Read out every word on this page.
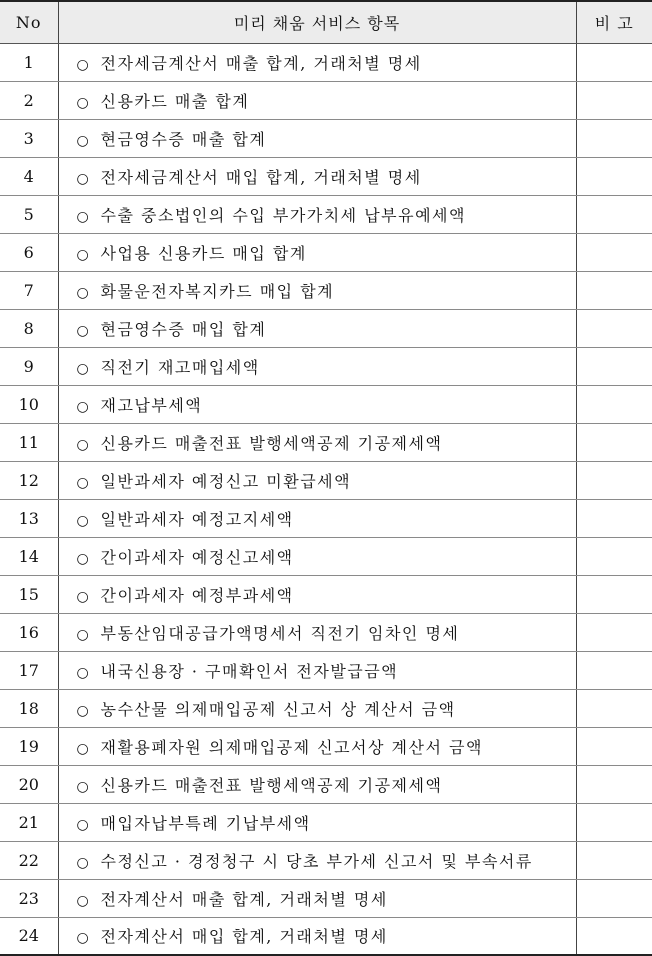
No	미리 채움 서비스 항목	비 고
1	○ 전자세금계산서 매출 합계, 거래처별 명세	
2	○ 신용카드 매출 합계	
3	○ 현금영수증 매출 합계	
4	○ 전자세금계산서 매입 합계, 거래처별 명세	
5	○ 수출 중소법인의 수입 부가가치세 납부유예세액	
6	○ 사업용 신용카드 매입 합계	
7	○ 화물운전자복지카드 매입 합계	
8	○ 현금영수증 매입 합계	
9	○ 직전기 재고매입세액	
10	○ 재고납부세액	
11	○ 신용카드 매출전표 발행세액공제 기공제세액	
12	○ 일반과세자 예정신고 미환급세액	
13	○ 일반과세자 예정고지세액	
14	○ 간이과세자 예정신고세액	
15	○ 간이과세자 예정부과세액	
16	○ 부동산임대공급가액명세서 직전기 임차인 명세	
17	○ 내국신용장 · 구매확인서 전자발급금액	
18	○ 농수산물 의제매입공제 신고서 상 계산서 금액	
19	○ 재활용폐자원 의제매입공제 신고서상 계산서 금액	
20	○ 신용카드 매출전표 발행세액공제 기공제세액	
21	○ 매입자납부특례 기납부세액	
22	○ 수정신고 · 경정청구 시 당초 부가세 신고서 및 부속서류	
23	○ 전자계산서 매출 합계, 거래처별 명세	
24	○ 전자계산서 매입 합계, 거래처별 명세	
